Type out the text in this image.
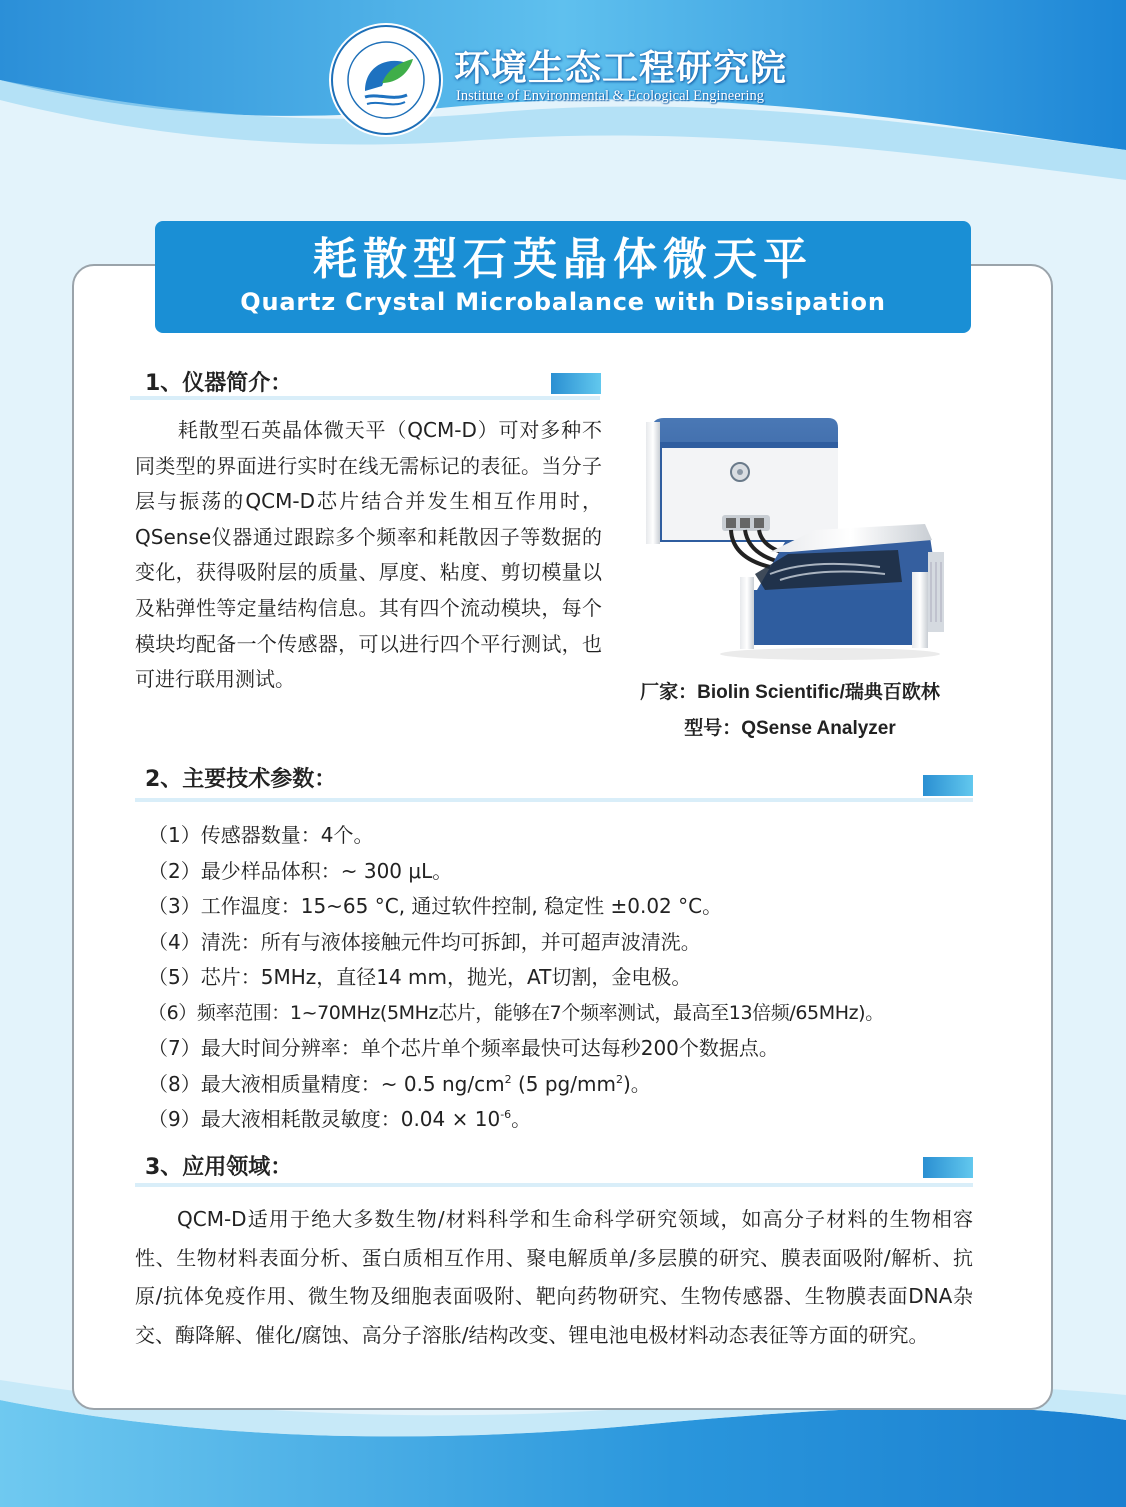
环境生态工程研究院
Institute of Environmental & Ecological Engineering
耗散型石英晶体微天平
Quartz Crystal Microbalance with Dissipation
1、仪器简介：
耗散型石英晶体微天平（QCM-D）可对多种不同类型的界面进行实时在线无需标记的表征。当分子层与振荡的QCM-D芯片结合并发生相互作用时，QSense仪器通过跟踪多个频率和耗散因子等数据的变化，获得吸附层的质量、厚度、粘度、剪切模量以及粘弹性等定量结构信息。其有四个流动模块，每个模块均配备一个传感器，可以进行四个平行测试，也可进行联用测试。
厂家：Biolin Scientific/瑞典百欧林
型号：QSense Analyzer
2、主要技术参数：
（1）传感器数量：4个。
（2）最少样品体积：~ 300 μL。
（3）工作温度：15~65 °C, 通过软件控制, 稳定性 ±0.02 °C。
（4）清洗：所有与液体接触元件均可拆卸，并可超声波清洗。
（5）芯片：5MHz，直径14 mm，抛光，AT切割，金电极。
（6）频率范围：1~70MHz(5MHz芯片，能够在7个频率测试，最高至13倍频/65MHz)。
（7）最大时间分辨率：单个芯片单个频率最快可达每秒200个数据点。
（8）最大液相质量精度：~ 0.5 $ng/cm^2$ (5 $pg/mm^2$)。
（9）最大液相耗散灵敏度：$0.04 \times 10^{-6}$。
3、应用领域：
QCM-D适用于绝大多数生物/材料科学和生命科学研究领域，如高分子材料的生物相容性、生物材料表面分析、蛋白质相互作用、聚电解质单/多层膜的研究、膜表面吸附/解析、抗原/抗体免疫作用、微生物及细胞表面吸附、靶向药物研究、生物传感器、生物膜表面DNA杂交、酶降解、催化/腐蚀、高分子溶胀/结构改变、锂电池电极材料动态表征等方面的研究。
